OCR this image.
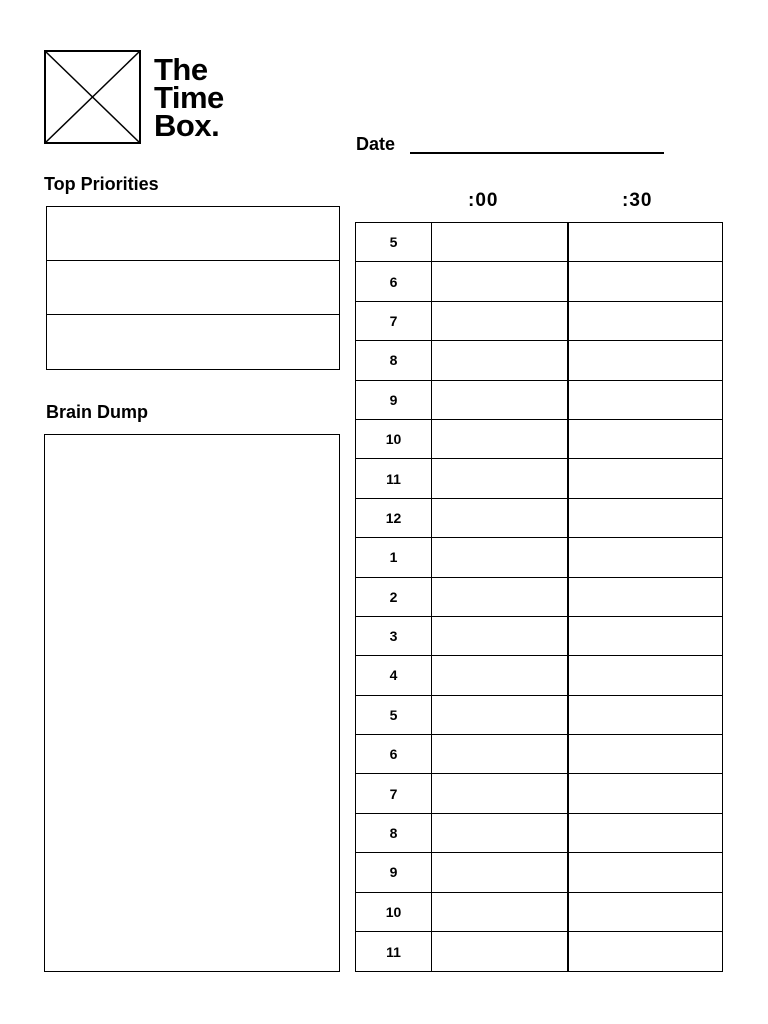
The
Time
Box.
Date
Top Priorities
Brain Dump
:00	:30
5
6
7
8
9
10
11
12
1
2
3
4
5
6
7
8
9
10
11
